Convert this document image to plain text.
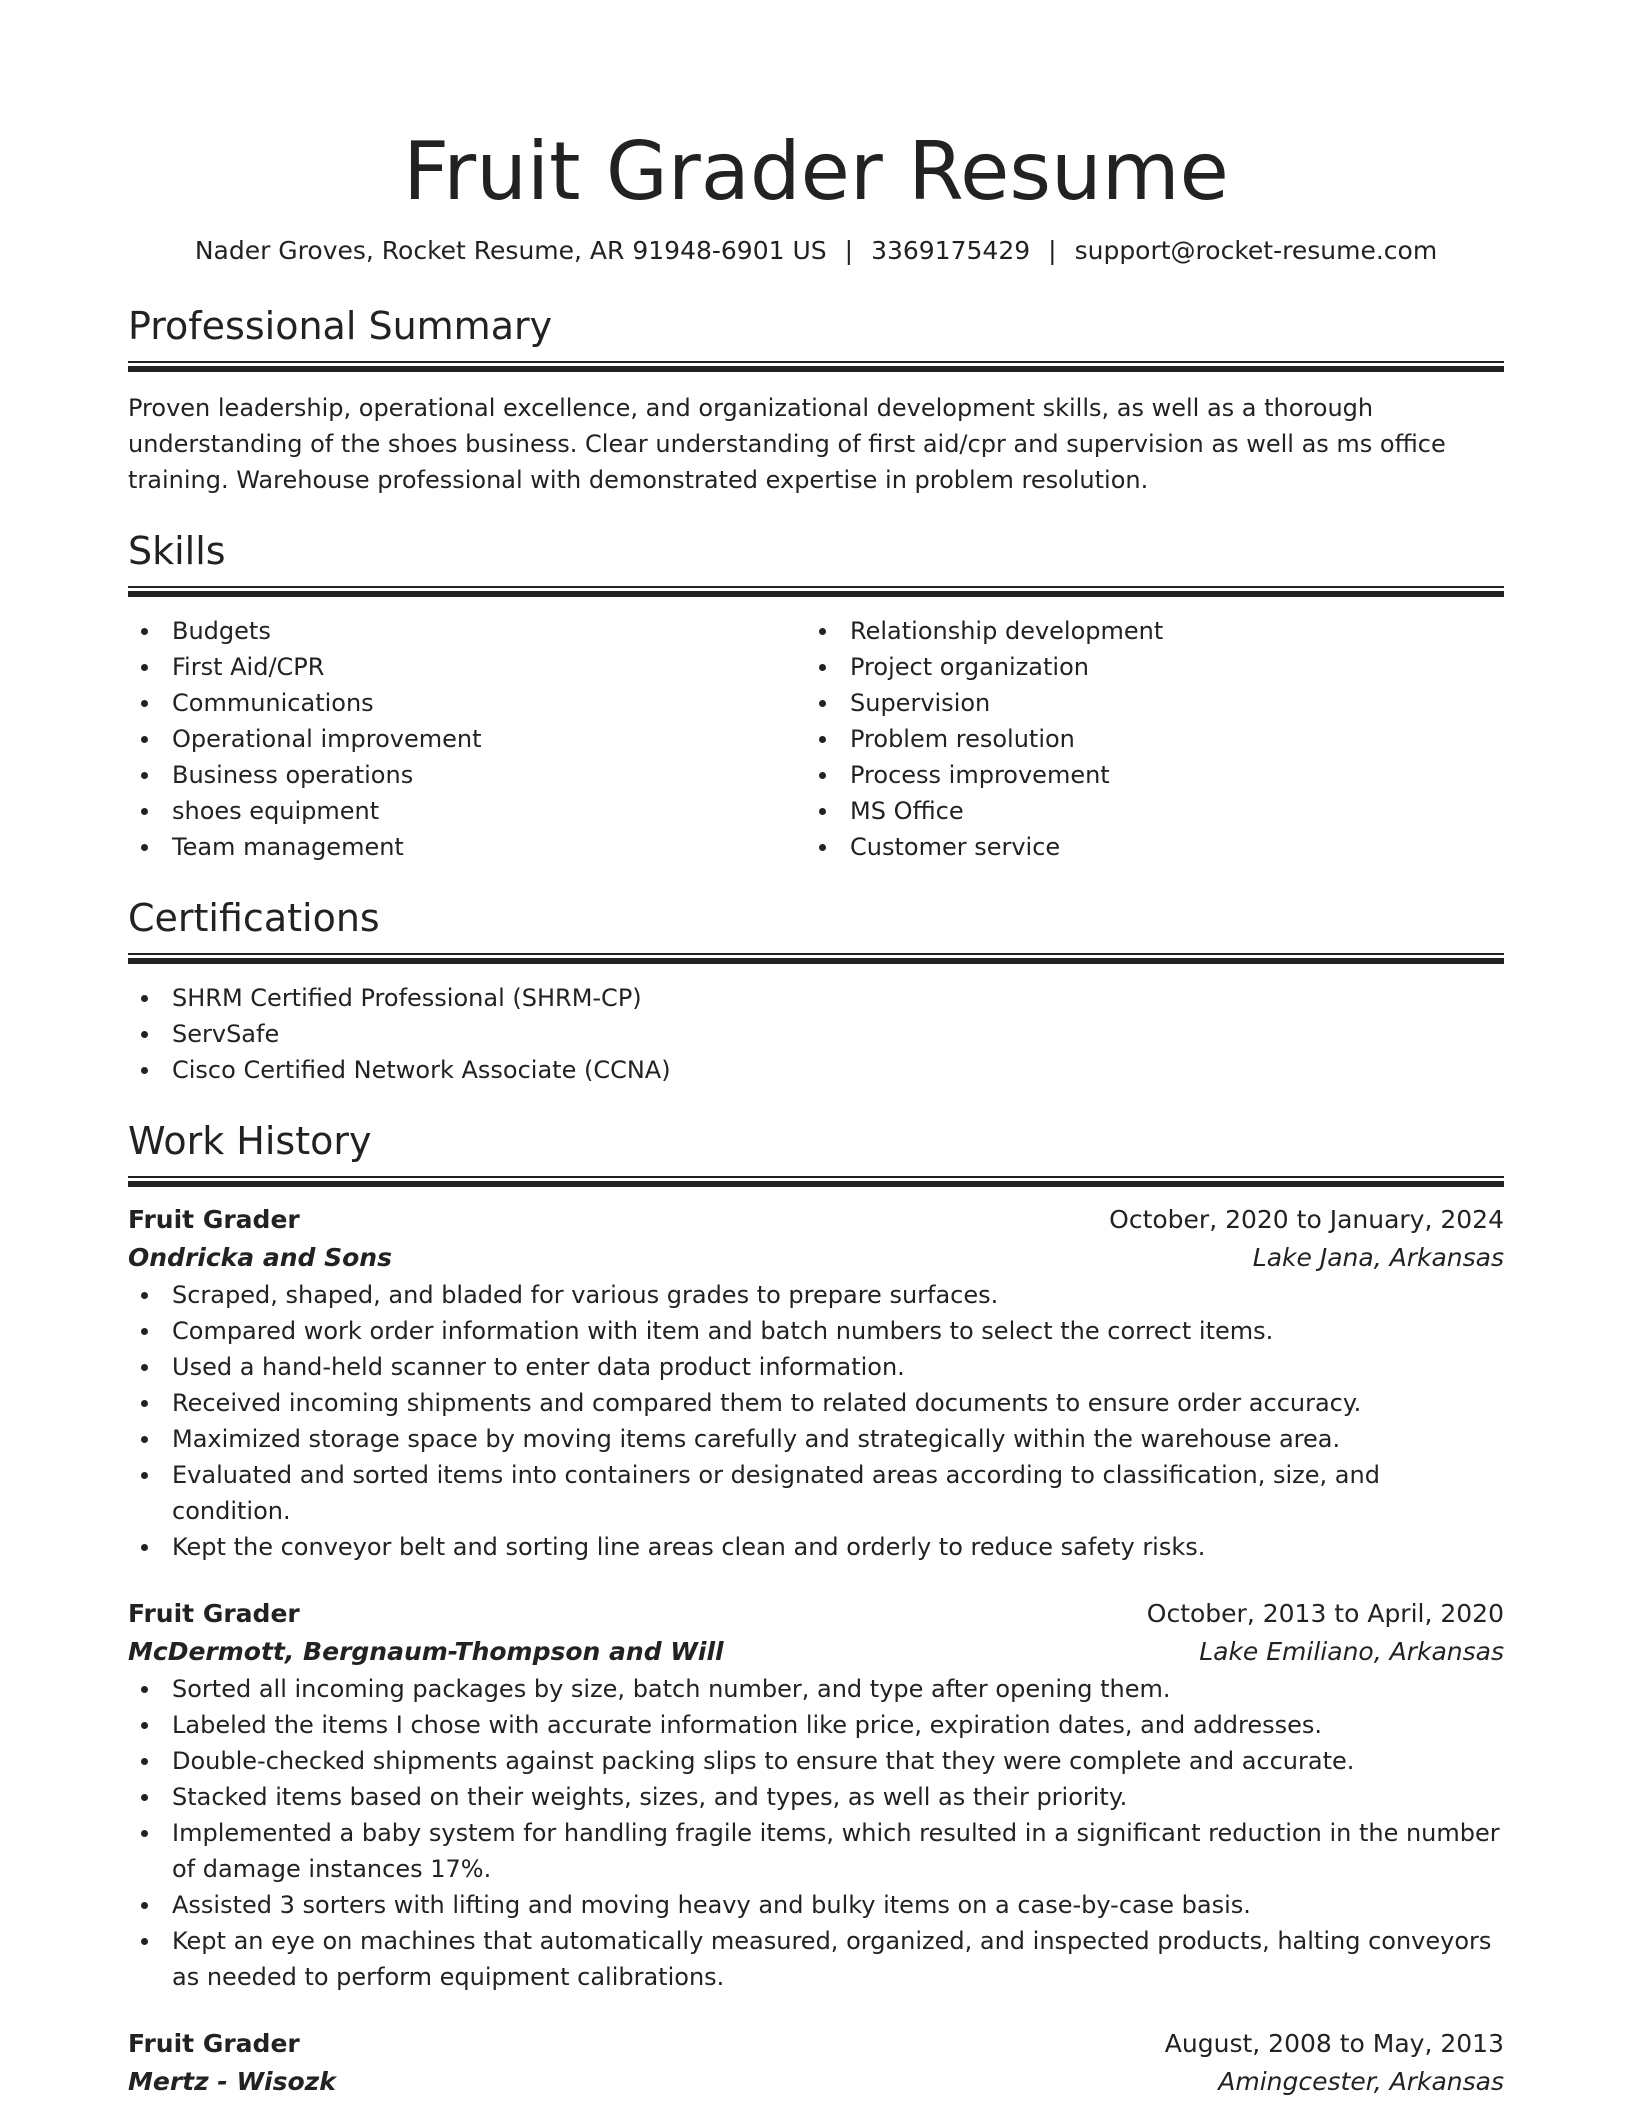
Fruit Grader Resume
Nader Groves, Rocket Resume, AR 91948-6901 US | 3369175429 | support@rocket-resume.com
Professional Summary

Proven leadership, operational excellence, and organizational development skills, as well as a thorough understanding of the shoes business. Clear understanding of first aid/cpr and supervision as well as ms office training. Warehouse professional with demonstrated expertise in problem resolution.

Skills
Budgets
First Aid/CPR
Communications
Operational improvement
Business operations
shoes equipment
Team management
Relationship development
Project organization
Supervision
Problem resolution
Process improvement
MS Office
Customer service
Certifications
SHRM Certified Professional (SHRM-CP)
ServSafe
Cisco Certified Network Associate (CCNA)
Work History
Fruit Grader	October, 2020 to January, 2024
Ondricka and Sons	Lake Jana, Arkansas
Scraped, shaped, and bladed for various grades to prepare surfaces.
Compared work order information with item and batch numbers to select the correct items.
Used a hand-held scanner to enter data product information.
Received incoming shipments and compared them to related documents to ensure order accuracy.
Maximized storage space by moving items carefully and strategically within the warehouse area.
Evaluated and sorted items into containers or designated areas according to classification, size, and condition.
Kept the conveyor belt and sorting line areas clean and orderly to reduce safety risks.
Fruit Grader	October, 2013 to April, 2020
McDermott, Bergnaum-Thompson and Will	Lake Emiliano, Arkansas
Sorted all incoming packages by size, batch number, and type after opening them.
Labeled the items I chose with accurate information like price, expiration dates, and addresses.
Double-checked shipments against packing slips to ensure that they were complete and accurate.
Stacked items based on their weights, sizes, and types, as well as their priority.
Implemented a baby system for handling fragile items, which resulted in a significant reduction in the number of damage instances 17%.
Assisted 3 sorters with lifting and moving heavy and bulky items on a case-by-case basis.
Kept an eye on machines that automatically measured, organized, and inspected products, halting conveyors as needed to perform equipment calibrations.
Fruit Grader	August, 2008 to May, 2013
Mertz - Wisozk	Amingcester, Arkansas
